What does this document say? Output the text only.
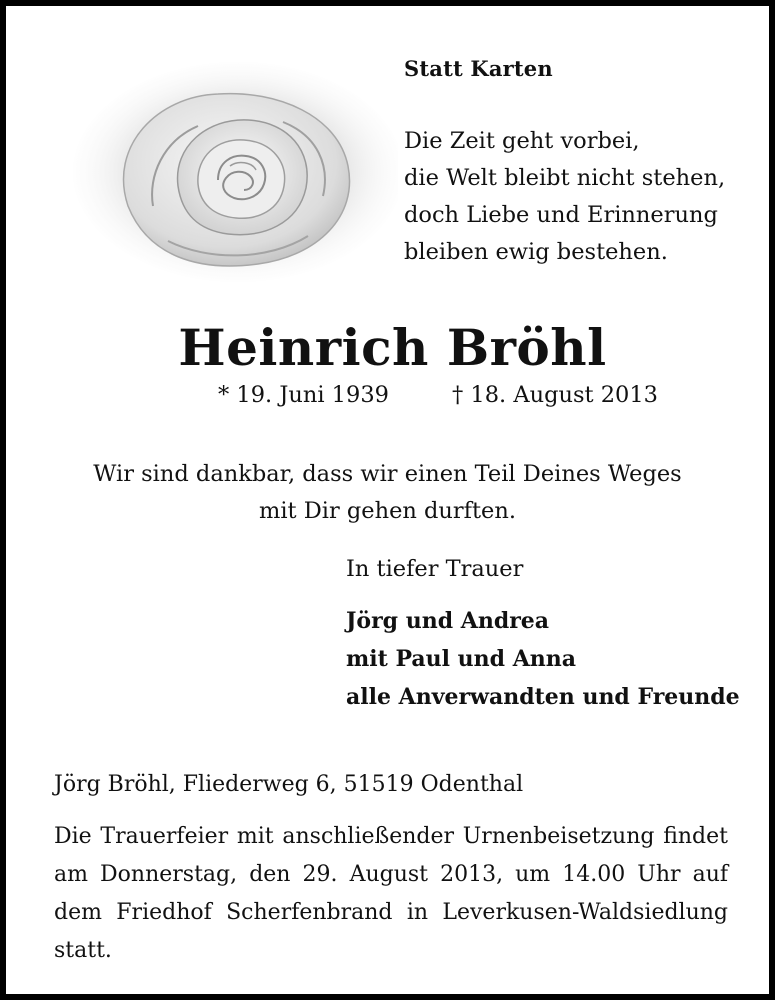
Statt Karten
Die Zeit geht vorbei,
die Welt bleibt nicht stehen,
doch Liebe und Erinnerung
bleiben ewig bestehen.
Heinrich Bröhl
* 19. Juni 1939	† 18. August 2013
Wir sind dankbar, dass wir einen Teil Deines Weges
mit Dir gehen durften.
In tiefer Trauer
Jörg und Andrea
mit Paul und Anna
alle Anverwandten und Freunde
Jörg Bröhl, Fliederweg 6, 51519 Odenthal
Die Trauerfeier mit anschließender Urnenbeisetzung findet
am Donnerstag, den 29. August 2013, um 14.00 Uhr auf
dem Friedhof Scherfenbrand in Leverkusen-Waldsiedlung
statt.
